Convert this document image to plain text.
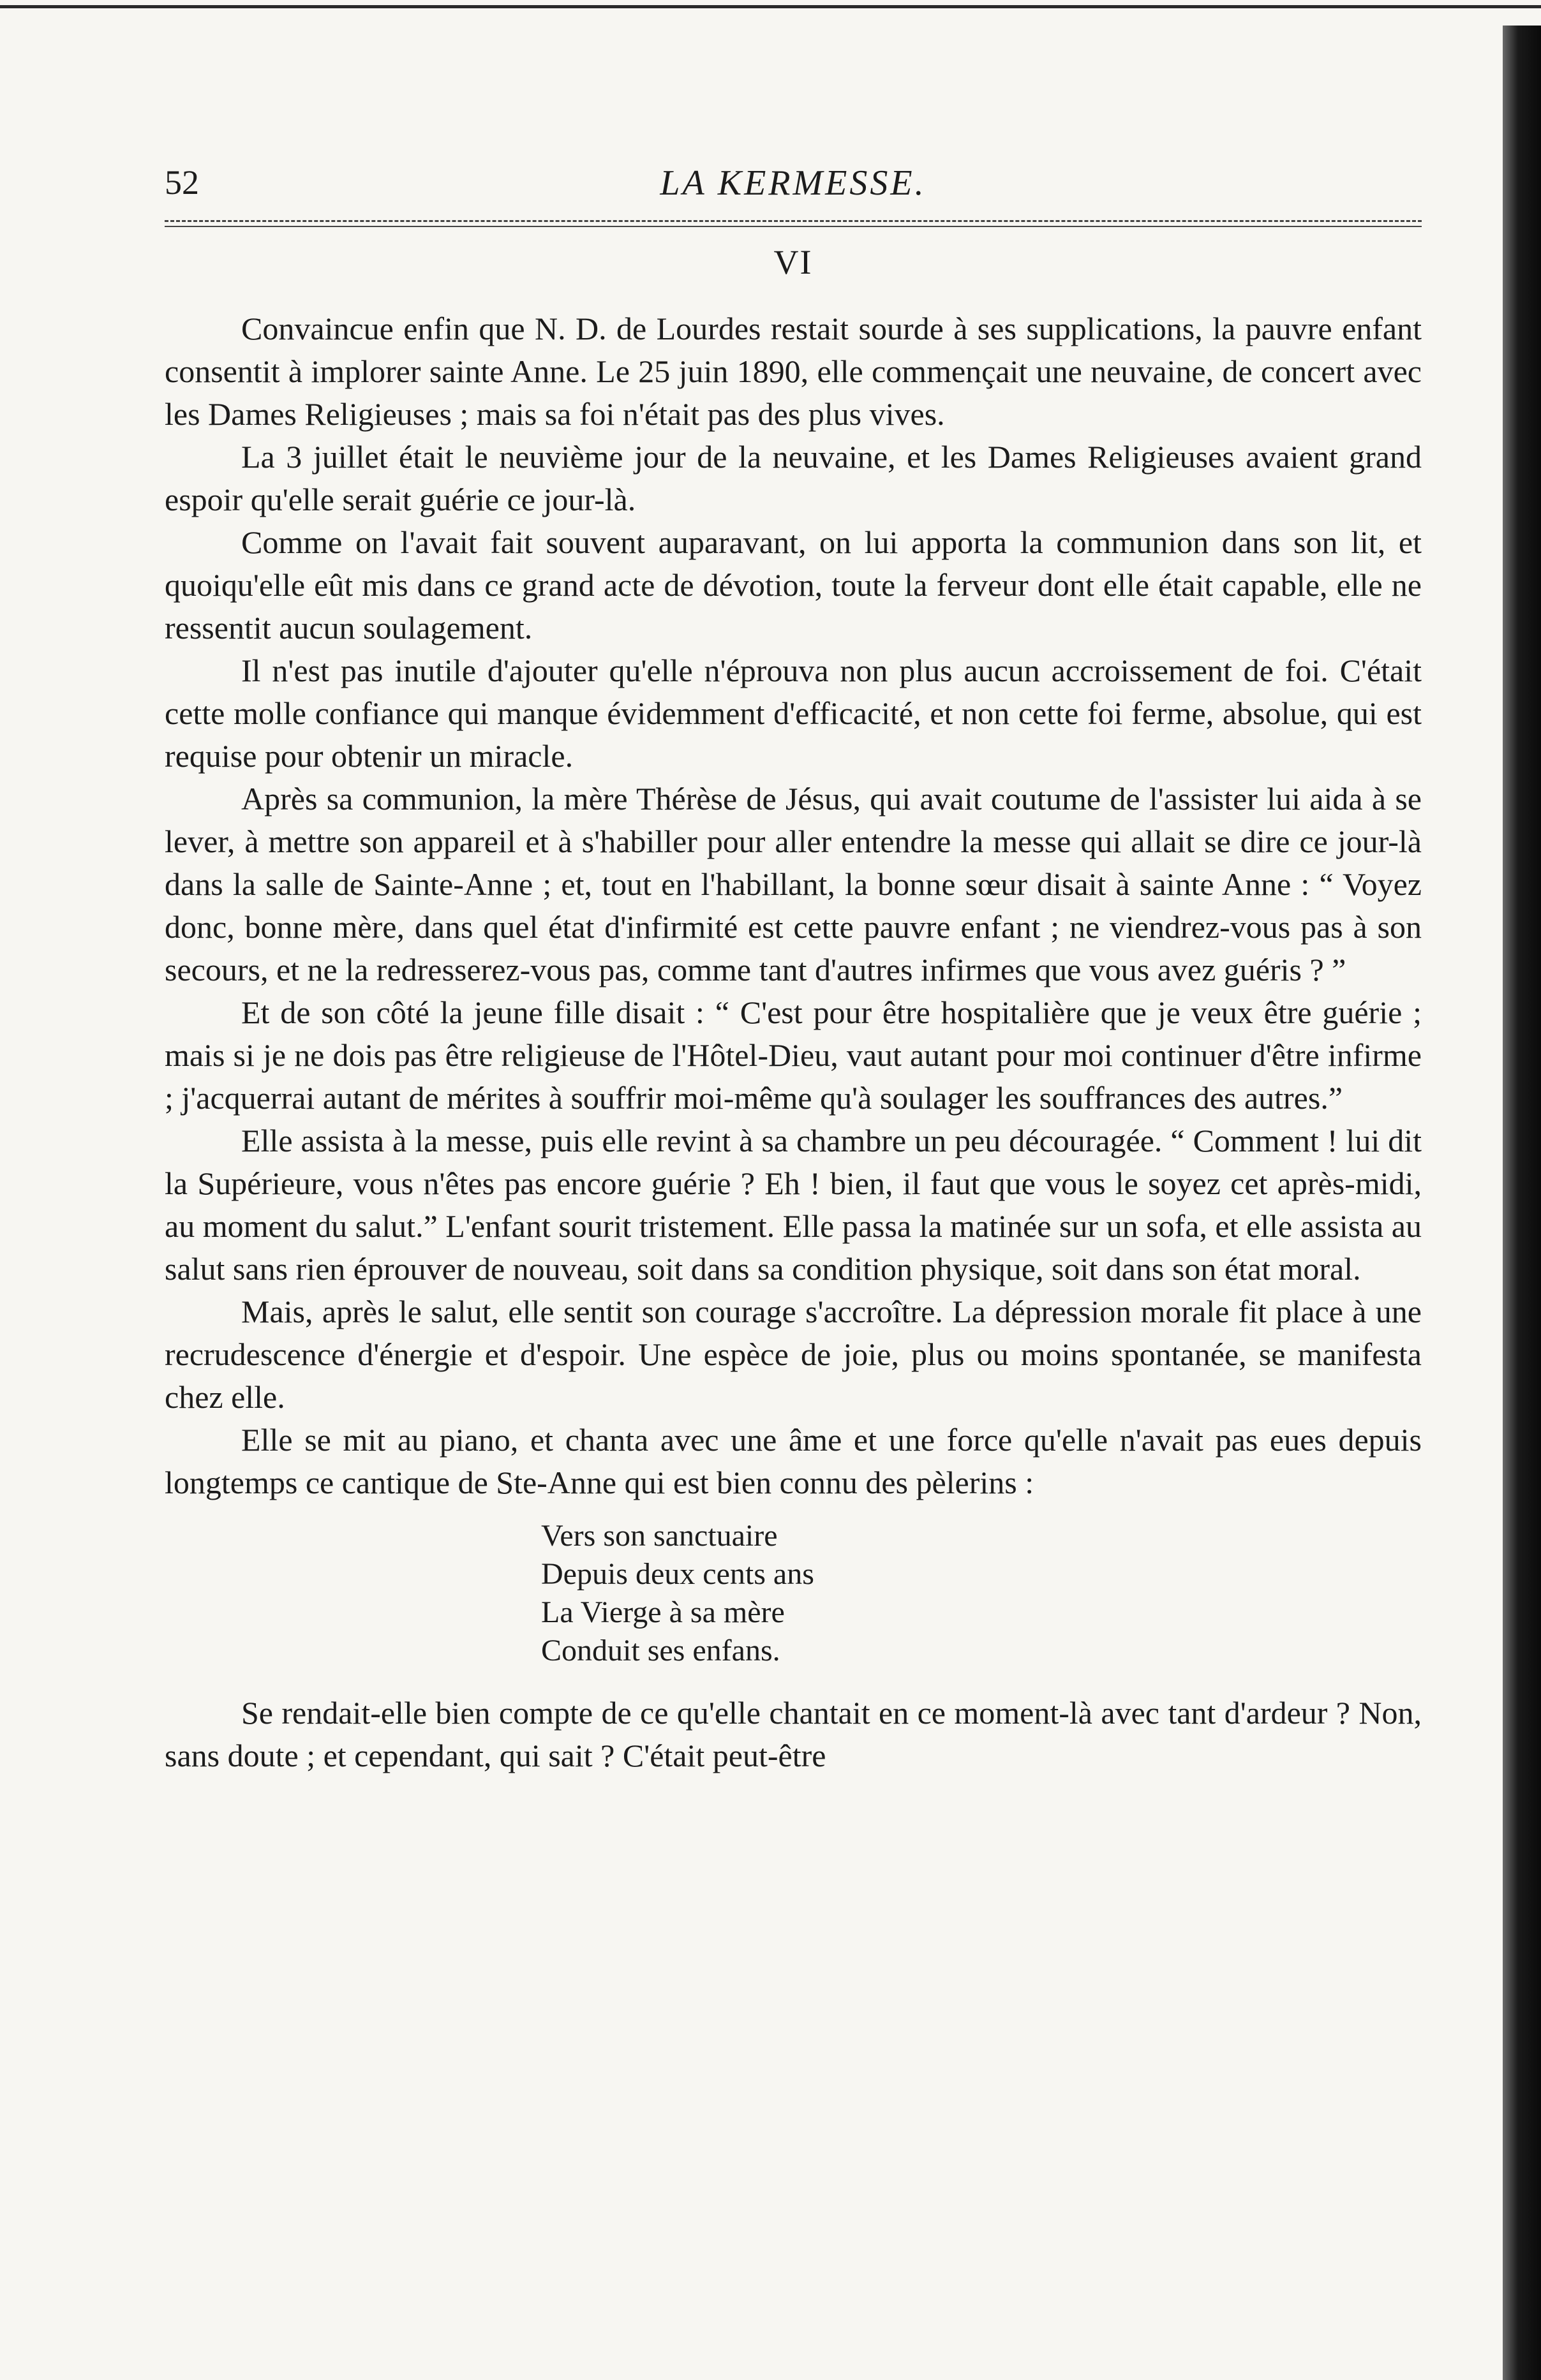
52	LA KERMESSE.
VI

Convaincue enfin que N. D. de Lourdes restait sourde à ses supplications, la pauvre enfant consentit à implorer sainte Anne. Le 25 juin 1890, elle commençait une neuvaine, de concert avec les Dames Religieuses ; mais sa foi n'était pas des plus vives.

La 3 juillet était le neuvième jour de la neuvaine, et les Dames Religieuses avaient grand espoir qu'elle serait guérie ce jour-là.

Comme on l'avait fait souvent auparavant, on lui apporta la communion dans son lit, et quoiqu'elle eût mis dans ce grand acte de dévotion, toute la ferveur dont elle était capable, elle ne ressentit aucun soulagement.

Il n'est pas inutile d'ajouter qu'elle n'éprouva non plus aucun accroissement de foi. C'était cette molle confiance qui manque évidemment d'efficacité, et non cette foi ferme, absolue, qui est requise pour obtenir un miracle.

Après sa communion, la mère Thérèse de Jésus, qui avait coutume de l'assister lui aida à se lever, à mettre son appareil et à s'habiller pour aller entendre la messe qui allait se dire ce jour-là dans la salle de Sainte-Anne ; et, tout en l'habillant, la bonne sœur disait à sainte Anne : “ Voyez donc, bonne mère, dans quel état d'infirmité est cette pauvre enfant ; ne viendrez-vous pas à son secours, et ne la redresserez-vous pas, comme tant d'autres infirmes que vous avez guéris ? ”

Et de son côté la jeune fille disait : “ C'est pour être hospitalière que je veux être guérie ; mais si je ne dois pas être religieuse de l'Hôtel-Dieu, vaut autant pour moi continuer d'être infirme ; j'acquerrai autant de mérites à souffrir moi-même qu'à soulager les souffrances des autres.”

Elle assista à la messe, puis elle revint à sa chambre un peu découragée. “ Comment ! lui dit la Supérieure, vous n'êtes pas encore guérie ? Eh ! bien, il faut que vous le soyez cet après-midi, au moment du salut.” L'enfant sourit tristement. Elle passa la matinée sur un sofa, et elle assista au salut sans rien éprouver de nouveau, soit dans sa condition physique, soit dans son état moral.

Mais, après le salut, elle sentit son courage s'accroître. La dépression morale fit place à une recrudescence d'énergie et d'espoir. Une espèce de joie, plus ou moins spontanée, se manifesta chez elle.

Elle se mit au piano, et chanta avec une âme et une force qu'elle n'avait pas eues depuis longtemps ce cantique de Ste-Anne qui est bien connu des pèlerins :

Vers son sanctuaire
Depuis deux cents ans
La Vierge à sa mère
Conduit ses enfans.

Se rendait-elle bien compte de ce qu'elle chantait en ce moment-là avec tant d'ardeur ? Non, sans doute ; et cependant, qui sait ? C'était peut-être
